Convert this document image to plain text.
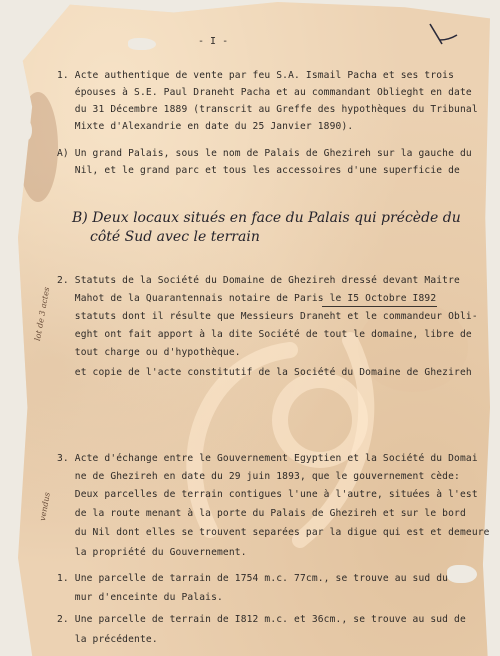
- I -

1. Acte authentique de vente par feu S.A. Ismail Pacha et ses trois

épouses à S.E. Paul Draneht Pacha et au commandant Oblieght en date

du 31 Décembre 1889 (transcrit au Greffe des hypothèques du Tribunal

Mixte d'Alexandrie en date du 25 Janvier 1890).

A) Un grand Palais, sous le nom de Palais de Ghezireh sur la gauche du

Nil, et le grand parc et tous les accessoires d'une superficie de

B) Deux locaux situés en face du Palais qui précède du

côté Sud avec le terrain

2. Statuts de la Société du Domaine de Ghezireh dressé devant Maitre

Mahot de la Quarantennais notaire de Paris le I5 Octobre I892

statuts dont il résulte que Messieurs Draneht et le commandeur Obli-

eght ont fait apport à la dite Société de tout le domaine, libre de

tout charge ou d'hypothèque.

et copie de l'acte constitutif de la Société du Domaine de Ghezireh

3. Acte d'échange entre le Gouvernement Egyptien et la Société du Domai

ne de Ghezireh en date du 29 juin 1893, que le gouvernement cède:

Deux parcelles de terrain contigues l'une à l'autre, situées à l'est

de la route menant à la porte du Palais de Ghezireh et sur le bord

du Nil dont elles se trouvent separées par la digue qui est et demeure

la propriété du Gouvernement.

1. Une parcelle de tarrain de 1754 m.c. 77cm., se trouve au sud du

mur d'enceinte du Palais.

2. Une parcelle de terrain de I812 m.c. et 36cm., se trouve au sud de

la précédente.

lot de 3 actes
vendus
